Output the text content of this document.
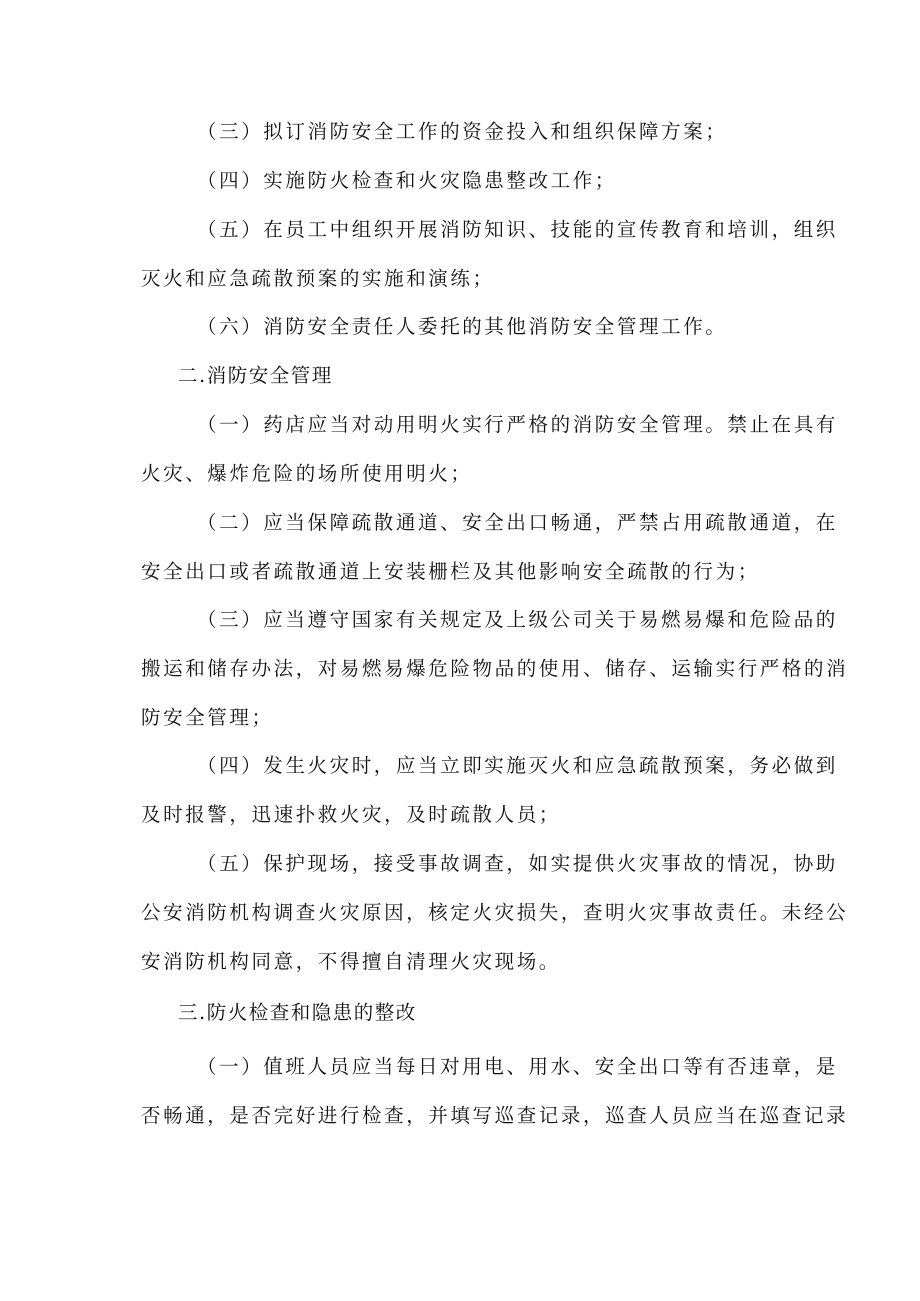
（三）拟订消防安全工作的资金投入和组织保障方案；
（四）实施防火检查和火灾隐患整改工作；
（五）在员工中组织开展消防知识、技能的宣传教育和培训，组织
灭火和应急疏散预案的实施和演练；
（六）消防安全责任人委托的其他消防安全管理工作。
二.消防安全管理
（一）药店应当对动用明火实行严格的消防安全管理。禁止在具有
火灾、爆炸危险的场所使用明火；
（二）应当保障疏散通道、安全出口畅通，严禁占用疏散通道，在
安全出口或者疏散通道上安装栅栏及其他影响安全疏散的行为；
（三）应当遵守国家有关规定及上级公司关于易燃易爆和危险品的
搬运和储存办法，对易燃易爆危险物品的使用、储存、运输实行严格的消
防安全管理；
（四）发生火灾时，应当立即实施灭火和应急疏散预案，务必做到
及时报警，迅速扑救火灾，及时疏散人员；
（五）保护现场，接受事故调查，如实提供火灾事故的情况，协助
公安消防机构调查火灾原因，核定火灾损失，查明火灾事故责任。未经公
安消防机构同意，不得擅自清理火灾现场。
三.防火检查和隐患的整改
（一）值班人员应当每日对用电、用水、安全出口等有否违章，是
否畅通，是否完好进行检查，并填写巡查记录，巡查人员应当在巡查记录
